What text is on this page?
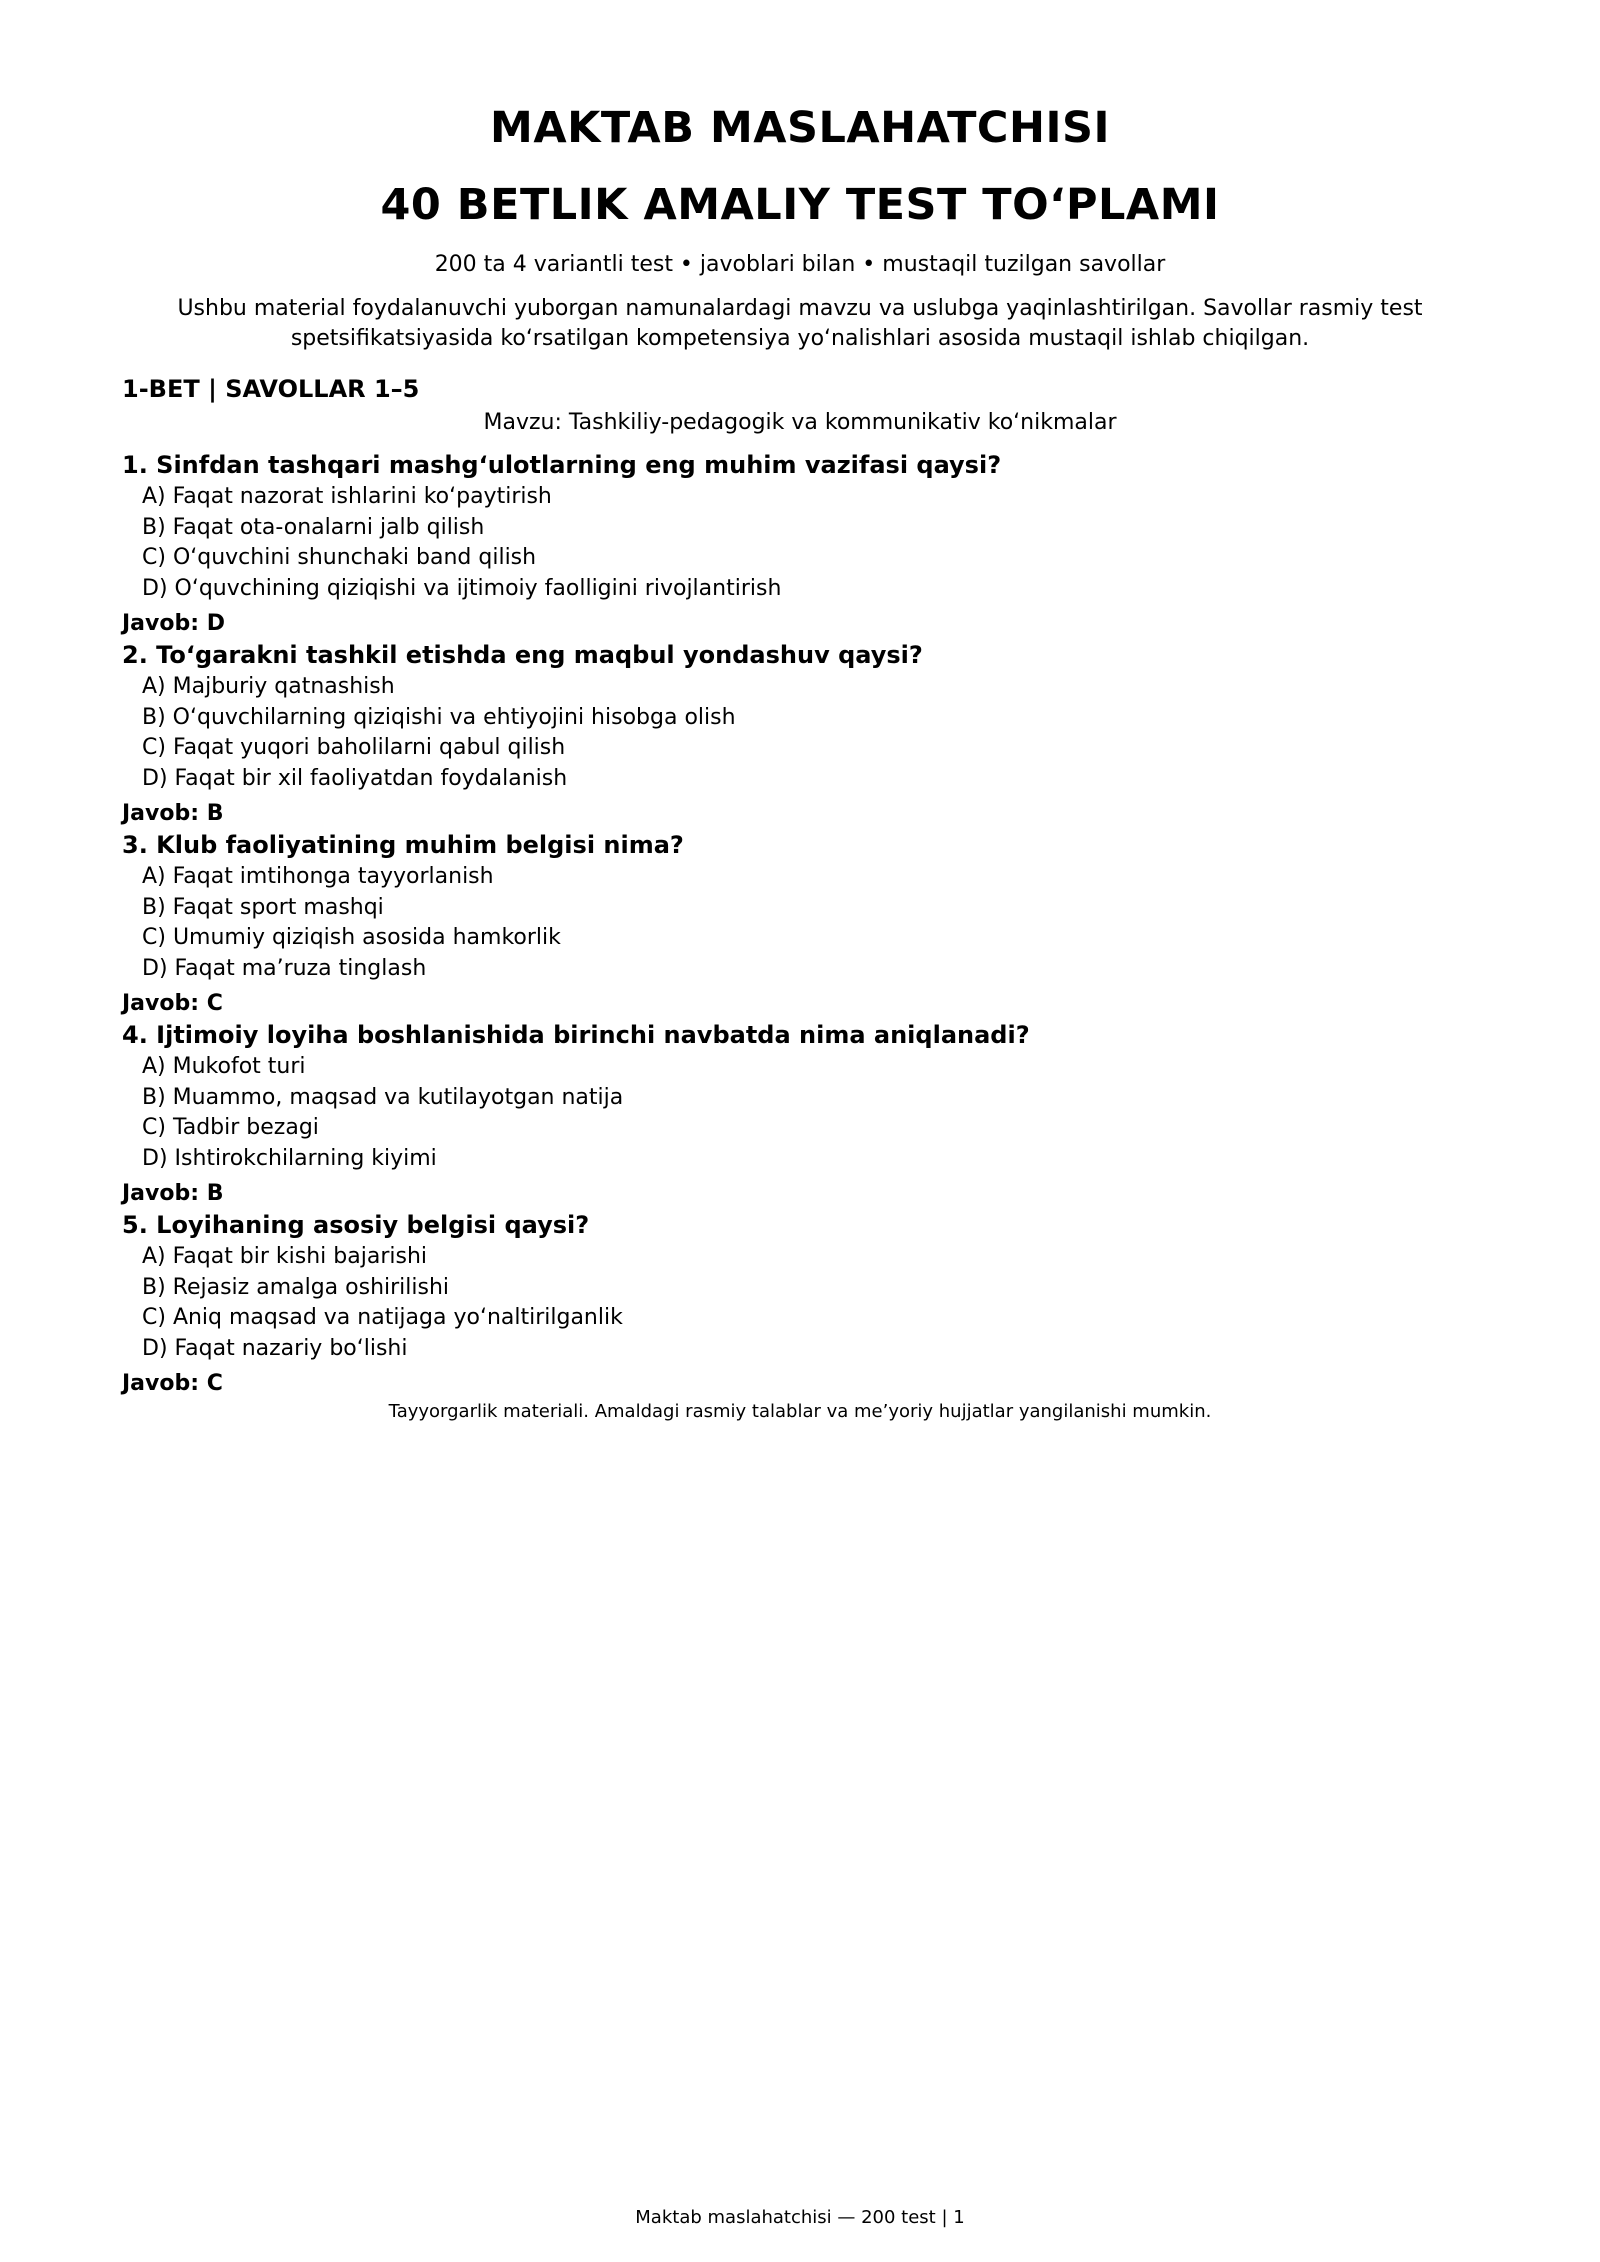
MAKTAB MASLAHATCHISI
40 BETLIK AMALIY TEST TO‘PLAMI
200 ta 4 variantli test • javoblari bilan • mustaqil tuzilgan savollar
Ushbu material foydalanuvchi yuborgan namunalardagi mavzu va uslubga yaqinlashtirilgan. Savollar rasmiy test spetsifikatsiyasida ko‘rsatilgan kompetensiya yo‘nalishlari asosida mustaqil ishlab chiqilgan.
1-BET | SAVOLLAR 1–5
Mavzu: Tashkiliy-pedagogik va kommunikativ ko‘nikmalar
1. Sinfdan tashqari mashg‘ulotlarning eng muhim vazifasi qaysi?
A) Faqat nazorat ishlarini ko‘paytirish
B) Faqat ota-onalarni jalb qilish
C) O‘quvchini shunchaki band qilish
D) O‘quvchining qiziqishi va ijtimoiy faolligini rivojlantirish
Javob: D
2. To‘garakni tashkil etishda eng maqbul yondashuv qaysi?
A) Majburiy qatnashish
B) O‘quvchilarning qiziqishi va ehtiyojini hisobga olish
C) Faqat yuqori baholilarni qabul qilish
D) Faqat bir xil faoliyatdan foydalanish
Javob: B
3. Klub faoliyatining muhim belgisi nima?
A) Faqat imtihonga tayyorlanish
B) Faqat sport mashqi
C) Umumiy qiziqish asosida hamkorlik
D) Faqat ma’ruza tinglash
Javob: C
4. Ijtimoiy loyiha boshlanishida birinchi navbatda nima aniqlanadi?
A) Mukofot turi
B) Muammo, maqsad va kutilayotgan natija
C) Tadbir bezagi
D) Ishtirokchilarning kiyimi
Javob: B
5. Loyihaning asosiy belgisi qaysi?
A) Faqat bir kishi bajarishi
B) Rejasiz amalga oshirilishi
C) Aniq maqsad va natijaga yo‘naltirilganlik
D) Faqat nazariy bo‘lishi
Javob: C
Tayyorgarlik materiali. Amaldagi rasmiy talablar va me’yoriy hujjatlar yangilanishi mumkin.
Maktab maslahatchisi — 200 test | 1
